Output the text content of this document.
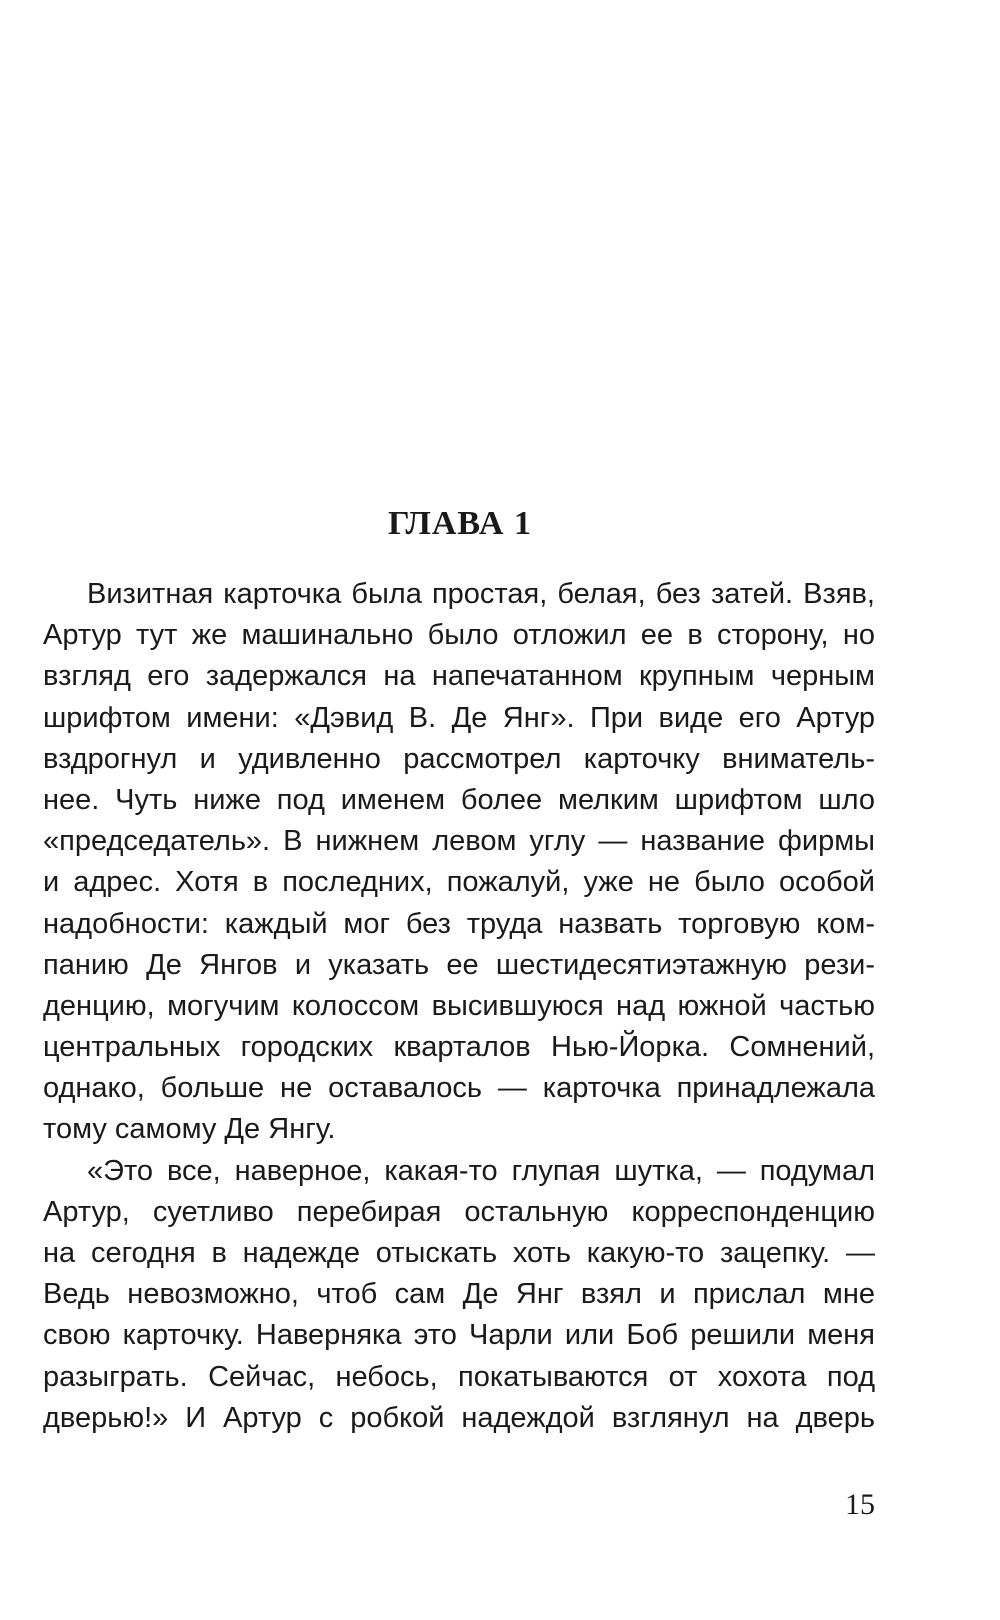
ГЛАВА 1
Визитная карточка была простая, белая, без затей. Взяв,
Артур тут же машинально было отложил ее в сторону, но
взгляд его задержался на напечатанном крупным черным
шрифтом имени: «Дэвид В. Де Янг». При виде его Артур
вздрогнул и удивленно рассмотрел карточку вниматель-
нее. Чуть ниже под именем более мелким шрифтом шло
«председатель». В нижнем левом углу — название фирмы
и адрес. Хотя в последних, пожалуй, уже не было особой
надобности: каждый мог без труда назвать торговую ком-
панию Де Янгов и указать ее шестидесятиэтажную рези-
денцию, могучим колоссом высившуюся над южной частью
центральных городских кварталов Нью-Йорка. Сомнений,
однако, больше не оставалось — карточка принадлежала
тому самому Де Янгу.
«Это все, наверное, какая-то глупая шутка, — подумал
Артур, суетливо перебирая остальную корреспонденцию
на сегодня в надежде отыскать хоть какую-то зацепку. —
Ведь невозможно, чтоб сам Де Янг взял и прислал мне
свою карточку. Наверняка это Чарли или Боб решили меня
разыграть. Сейчас, небось, покатываются от хохота под
дверью!» И Артур с робкой надеждой взглянул на дверь
15
